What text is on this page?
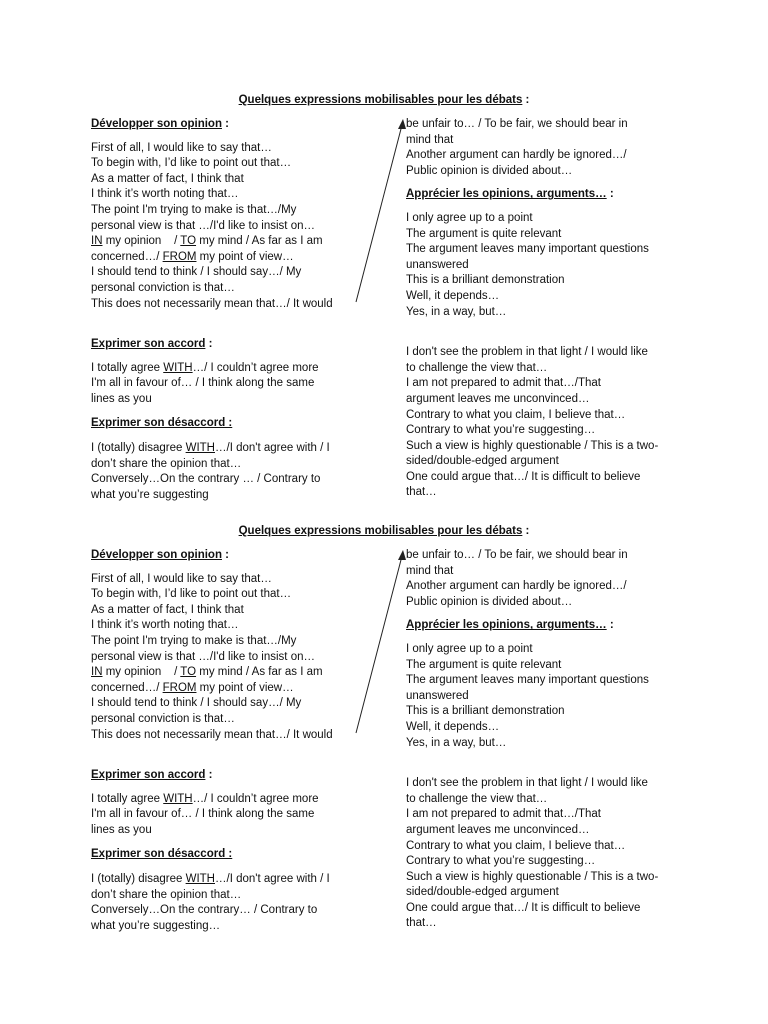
Quelques expressions mobilisables pour les débats :

Développer son opinion :

First of all, I would like to say that…

To begin with, I’d like to point out that…

As a matter of fact, I think that

I think it’s worth noting that…

The point I'm trying to make is that…/My

personal view is that …/I'd like to insist on…

IN my opinion    / TO my mind / As far as I am

concerned…/ FROM my point of view…

I should tend to think / I should say…/ My

personal conviction is that…

This does not necessarily mean that…/ It would

Exprimer son accord :

I totally agree WITH…/ I couldn’t agree more

I'm all in favour of… / I think along the same

lines as you

Exprimer son désaccord :

I (totally) disagree WITH…/I don't agree with / I

don’t share the opinion that…

Conversely…On the contrary … / Contrary to

what you’re suggesting

be unfair to… / To be fair, we should bear in

mind that

Another argument can hardly be ignored…/

Public opinion is divided about…

Apprécier les opinions, arguments… :

I only agree up to a point

The argument is quite relevant

The argument leaves many important questions

unanswered

This is a brilliant demonstration

Well, it depends…

Yes, in a way, but…

I don't see the problem in that light / I would like

to challenge the view that…

I am not prepared to admit that…/That

argument leaves me unconvinced…

Contrary to what you claim, I believe that…

Contrary to what you’re suggesting…

Such a view is highly questionable / This is a two-

sided/double-edged argument

One could argue that…/ It is difficult to believe

that…

Quelques expressions mobilisables pour les débats :

Développer son opinion :

First of all, I would like to say that…

To begin with, I’d like to point out that…

As a matter of fact, I think that

I think it’s worth noting that…

The point I'm trying to make is that…/My

personal view is that …/I'd like to insist on…

IN my opinion    / TO my mind / As far as I am

concerned…/ FROM my point of view…

I should tend to think / I should say…/ My

personal conviction is that…

This does not necessarily mean that…/ It would

Exprimer son accord :

I totally agree WITH…/ I couldn’t agree more

I'm all in favour of… / I think along the same

lines as you

Exprimer son désaccord :

I (totally) disagree WITH…/I don't agree with / I

don’t share the opinion that…

Conversely…On the contrary… / Contrary to

what you’re suggesting…

be unfair to… / To be fair, we should bear in

mind that

Another argument can hardly be ignored…/

Public opinion is divided about…

Apprécier les opinions, arguments… :

I only agree up to a point

The argument is quite relevant

The argument leaves many important questions

unanswered

This is a brilliant demonstration

Well, it depends…

Yes, in a way, but…

I don't see the problem in that light / I would like

to challenge the view that…

I am not prepared to admit that…/That

argument leaves me unconvinced…

Contrary to what you claim, I believe that…

Contrary to what you’re suggesting…

Such a view is highly questionable / This is a two-

sided/double-edged argument

One could argue that…/ It is difficult to believe

that…
